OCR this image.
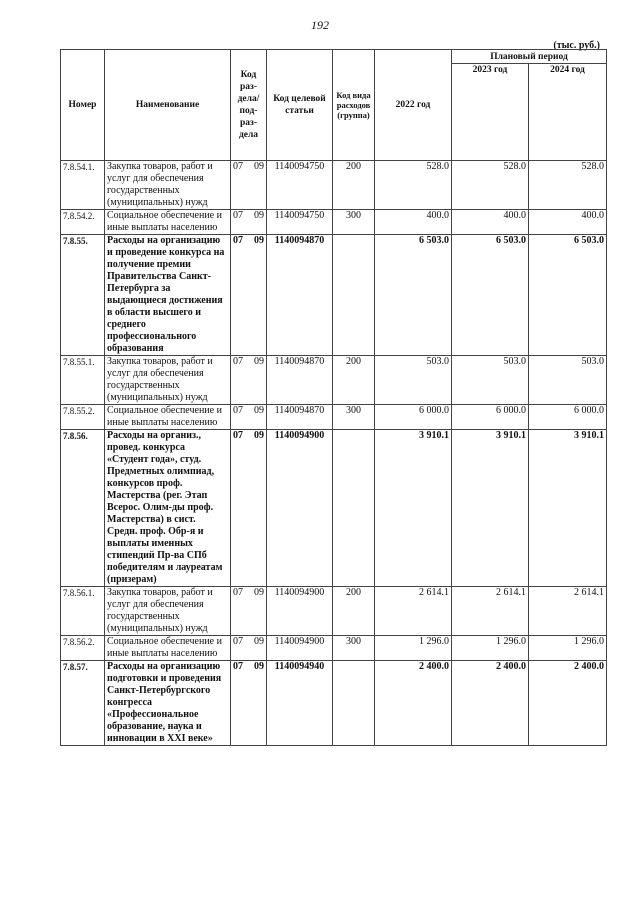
192
(тыс. руб.)
Номер	Наименование	Код раз-дела/ под-раз-дела		Код целевой статьи	Код вида расходов (группа)	2022 год	Плановый период	
							2023 год	2024 год
7.8.54.1.	Закупка товаров, работ и услуг для обеспечения государственных (муниципальных) нужд	07	09	1140094750	200	528.0	528.0	528.0
7.8.54.2.	Социальное обеспечение и иные выплаты населению	07	09	1140094750	300	400.0	400.0	400.0
7.8.55.	Расходы на организацию и проведение конкурса на получение премии Правительства Санкт-Петербурга за выдающиеся достижения в области высшего и среднего профессионального образования	07	09	1140094870		6 503.0	6 503.0	6 503.0
7.8.55.1.	Закупка товаров, работ и услуг для обеспечения государственных (муниципальных) нужд	07	09	1140094870	200	503.0	503.0	503.0
7.8.55.2.	Социальное обеспечение и иные выплаты населению	07	09	1140094870	300	6 000.0	6 000.0	6 000.0
7.8.56.	Расходы на организ., провед. конкурса «Студент года», студ. Предметных олимпиад, конкурсов проф. Мастерства (рег. Этап Всерос. Олим-ды проф. Мастерства) в сист. Средн. проф. Обр-я и выплаты именных стипендий Пр-ва СПб победителям и лауреатам (призерам)	07	09	1140094900		3 910.1	3 910.1	3 910.1
7.8.56.1.	Закупка товаров, работ и услуг для обеспечения государственных (муниципальных) нужд	07	09	1140094900	200	2 614.1	2 614.1	2 614.1
7.8.56.2.	Социальное обеспечение и иные выплаты населению	07	09	1140094900	300	1 296.0	1 296.0	1 296.0
7.8.57.	Расходы на организацию подготовки и проведения Санкт-Петербургского конгресса «Профессиональное образование, наука и инновации в XXI веке»	07	09	1140094940		2 400.0	2 400.0	2 400.0
